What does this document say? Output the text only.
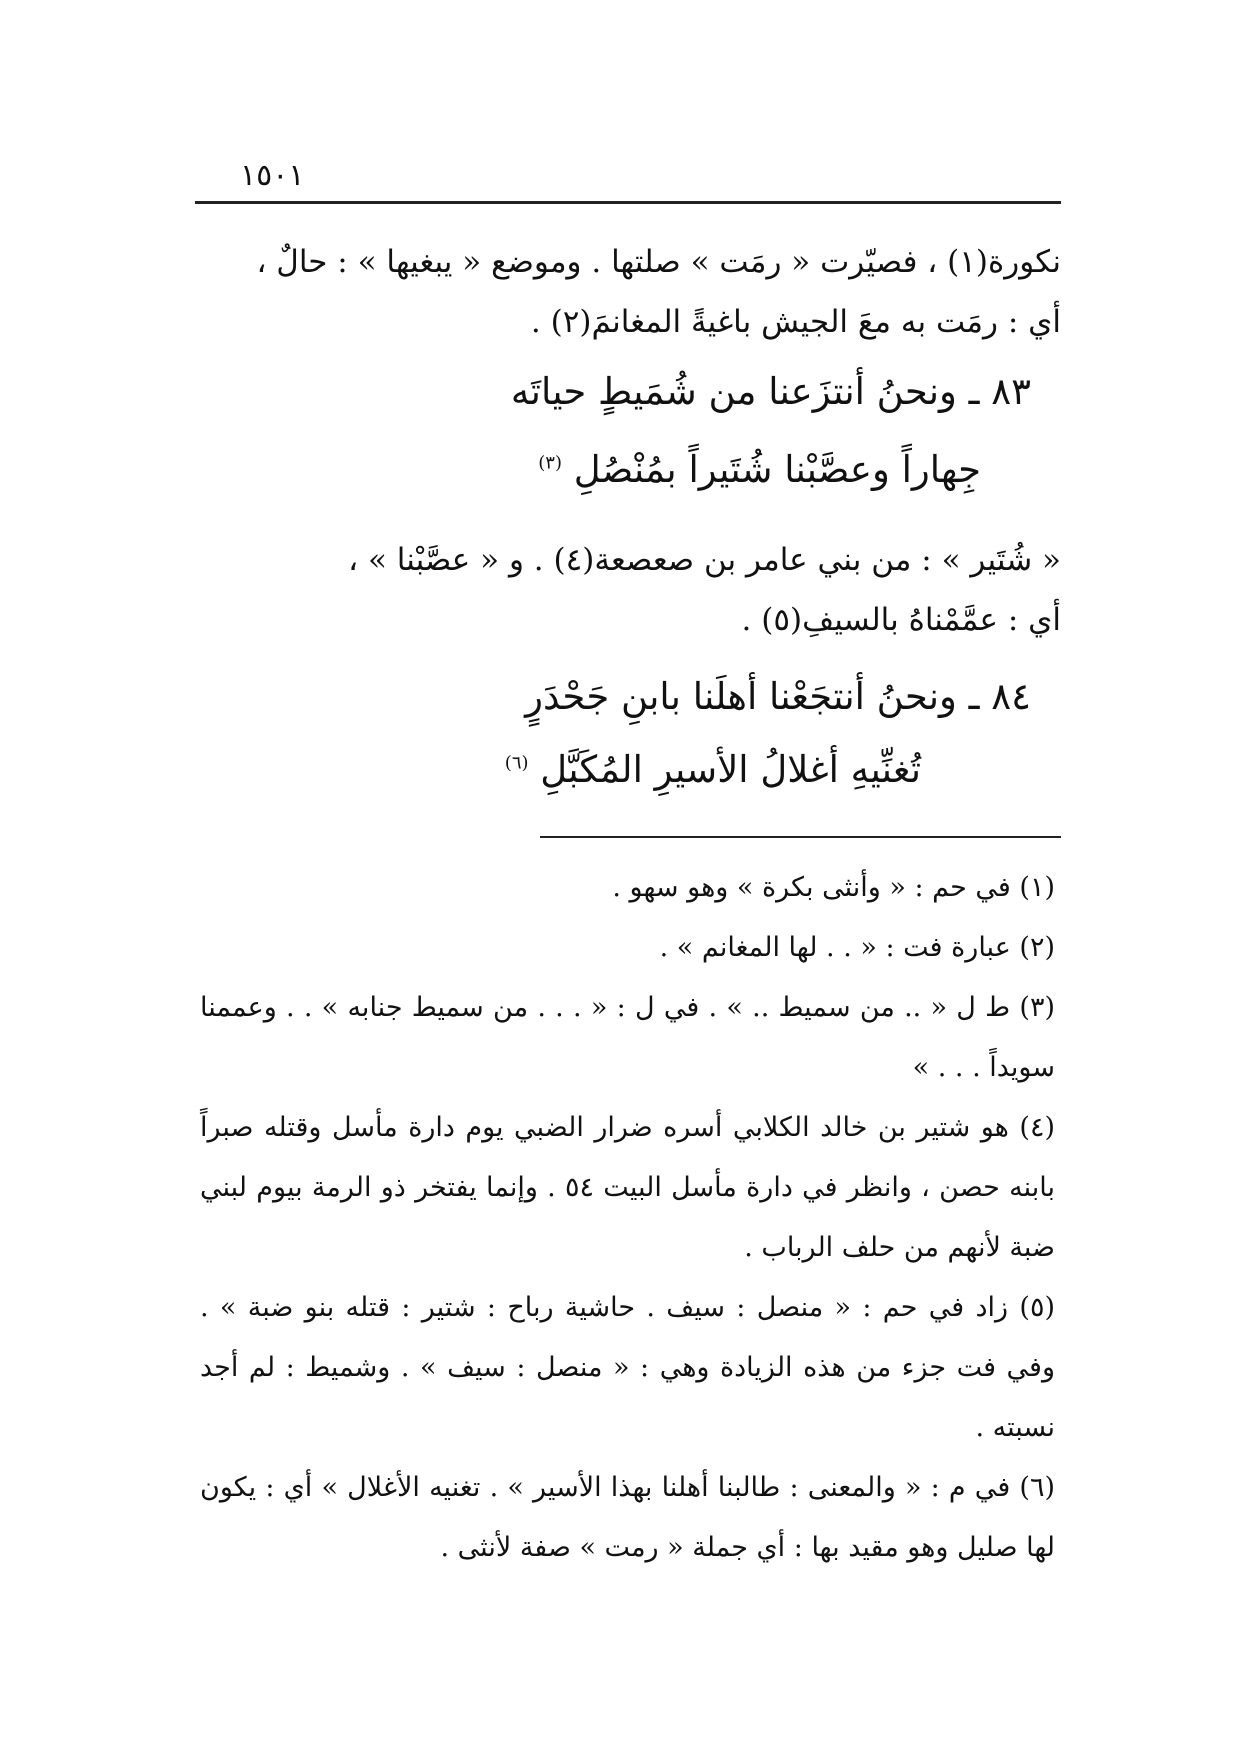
١٥٠١
نكورة(١) ، فصيّرت « رمَت » صلتها . وموضع « يبغيها » : حالٌ ،
أي : رمَت به معَ الجيش باغيةً المغانمَ(٢) .
٨٣ ـ ونحنُ أنتزَعنا من شُمَيطٍ حياتَه
جِهاراً وعصَّبْنا شُتَيراً بمُنْصُلِ $^{(٣)}$
« شُتَير » : من بني عامر بن صعصعة(٤) . و « عصَّبْنا » ،
أي : عمَّمْناهُ بالسيفِ(٥) .
٨٤ ـ ونحنُ أنتجَعْنا أهلَنا بابنِ جَحْدَرٍ
تُغنِّيهِ أغلالُ الأسيرِ المُكَبَّلِ $^{(٦)}$

(١) في حم : « وأنثى بكرة » وهو سهو .

(٢) عبارة فت : « . . لها المغانم » .

(٣) ط ل « .. من سميط .. » . في ل : « . . . من سميط جنابه » . . وعممنا سويداً . . . »

(٤) هو شتير بن خالد الكلابي أسره ضرار الضبي يوم دارة مأسل وقتله صبراً بابنه حصن ، وانظر في دارة مأسل البيت ٥٤ . وإنما يفتخر ذو الرمة بيوم لبني ضبة لأنهم من حلف الرباب .

(٥) زاد في حم : « منصل : سيف . حاشية رباح : شتير : قتله بنو ضبة » . وفي فت جزء من هذه الزيادة وهي : « منصل : سيف » . وشميط : لم أجد نسبته .

(٦) في م : « والمعنى : طالبنا أهلنا بهذا الأسير » . تغنيه الأغلال » أي : يكون لها صليل وهو مقيد بها : أي جملة « رمت » صفة لأنثى .
